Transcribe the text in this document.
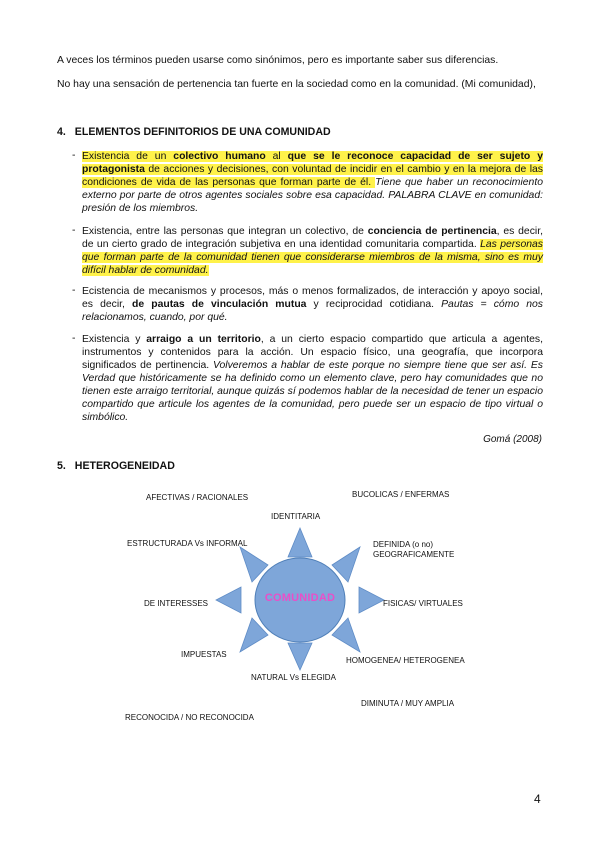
A veces los términos pueden usarse como sinónimos, pero es importante saber sus diferencias.
No hay una sensación de pertenencia tan fuerte en la sociedad como en la comunidad. (Mi comunidad),
4. ELEMENTOS DEFINITORIOS DE UNA COMUNIDAD
- Existencia de un colectivo humano al que se le reconoce capacidad de ser sujeto y protagonista de acciones y decisiones, con voluntad de incidir en el cambio y en la mejora de las condiciones de vida de las personas que forman parte de él. Tiene que haber un reconocimiento externo por parte de otros agentes sociales sobre esa capacidad. PALABRA CLAVE en comunidad: presión de los miembros.
- Existencia, entre las personas que integran un colectivo, de conciencia de pertinencia, es decir, de un cierto grado de integración subjetiva en una identidad comunitaria compartida. Las personas que forman parte de la comunidad tienen que considerarse miembros de la misma, sino es muy difícil hablar de comunidad.
- Ecistencia de mecanismos y procesos, más o menos formalizados, de interacción y apoyo social, es decir, de pautas de vinculación mutua y reciprocidad cotidiana. Pautas = cómo nos relacionamos, cuando, por qué.
- Existencia y arraigo a un territorio, a un cierto espacio compartido que articula a agentes, instrumentos y contenidos para la acción. Un espacio físico, una geografía, que incorpora significados de pertinencia. Volveremos a hablar de este porque no siempre tiene que ser así. Es Verdad que históricamente se ha definido como un elemento clave, pero hay comunidades que no tienen este arraigo territorial, aunque quizás sí podemos hablar de la necesidad de tener un espacio compartido que articule los agentes de la comunidad, pero puede ser un espacio de tipo virtual o simbólico.
Gomá (2008)
5. HETEROGENEIDAD
COMUNIDAD
AFECTIVAS / RACIONALES	BUCOLICAS / ENFERMAS
IDENTITARIA
ESTRUCTURADA Vs INFORMAL	DEFINIDA (o no)
GEOGRAFICAMENTE
DE INTERESSES	FISICAS/ VIRTUALES
IMPUESTAS
HOMOGENEA/ HETEROGENEA
NATURAL Vs ELEGIDA
DIMINUTA / MUY AMPLIA
RECONOCIDA / NO RECONOCIDA
4
